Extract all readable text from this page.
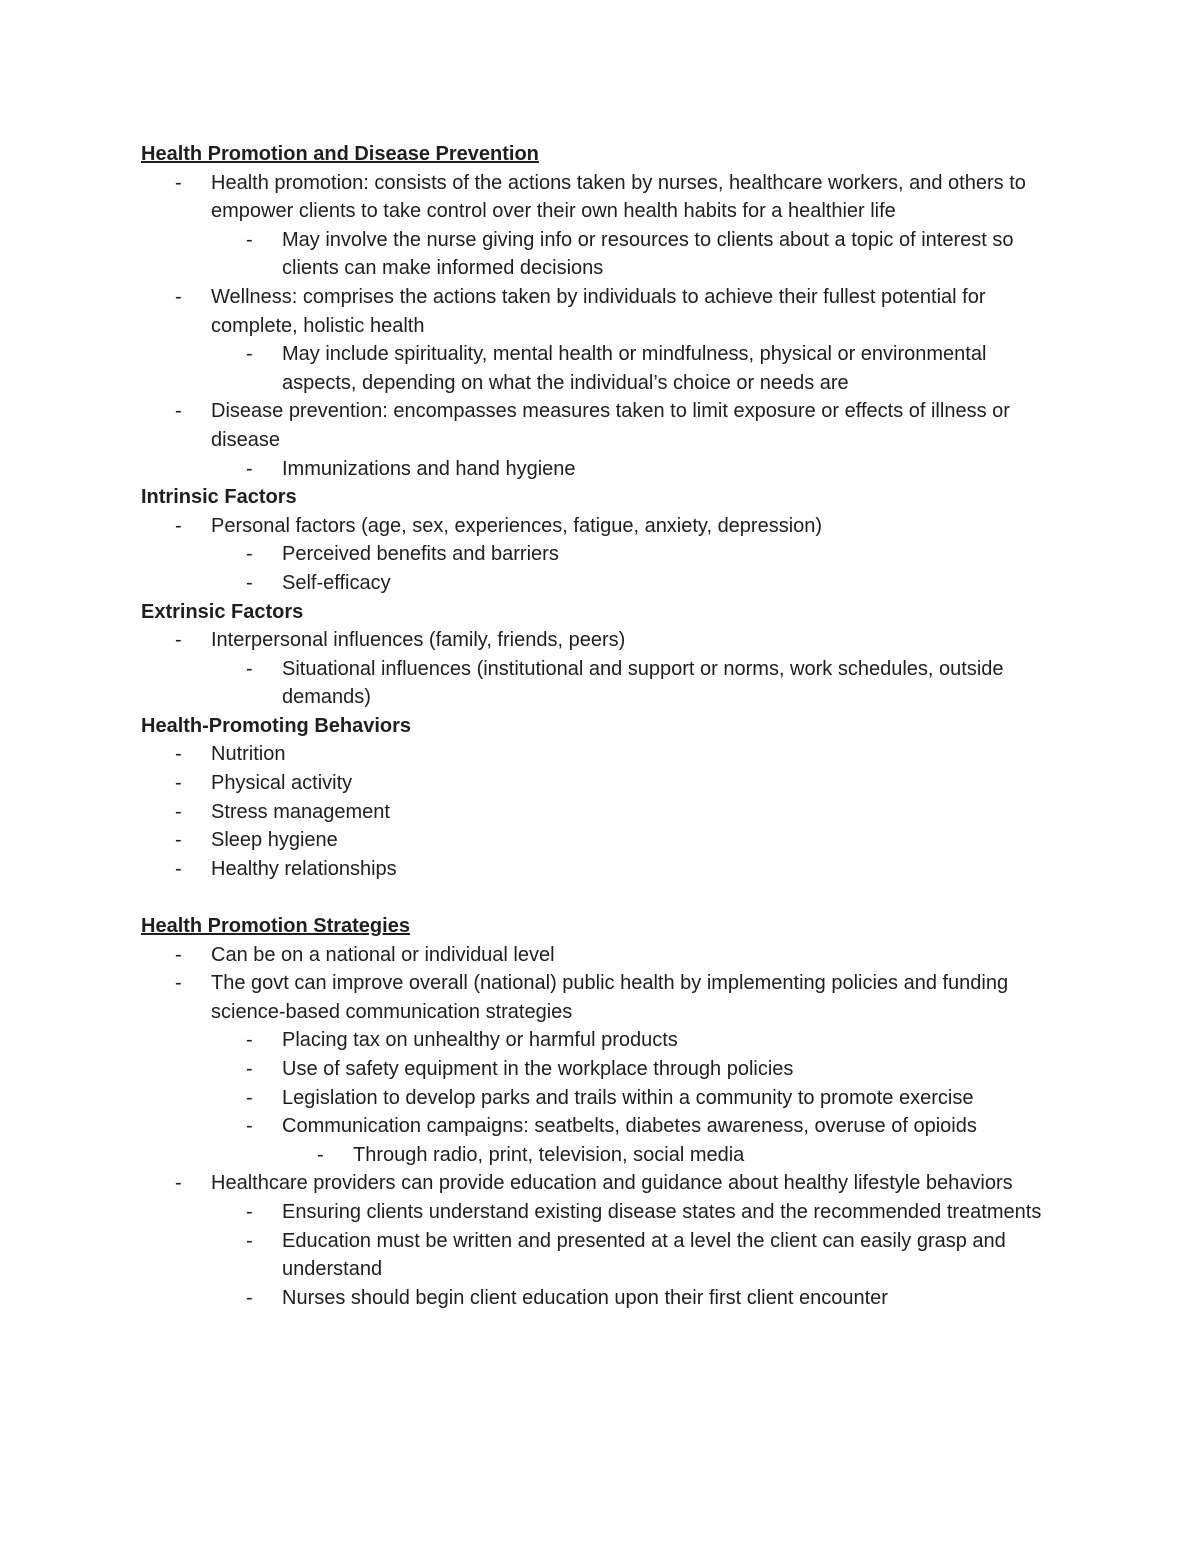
Health Promotion and Disease Prevention
- Health promotion: consists of the actions taken by nurses, healthcare workers, and others to empower clients to take control over their own health habits for a healthier life
- May involve the nurse giving info or resources to clients about a topic of interest so clients can make informed decisions
- Wellness: comprises the actions taken by individuals to achieve their fullest potential for complete, holistic health
- May include spirituality, mental health or mindfulness, physical or environmental aspects, depending on what the individual’s choice or needs are
- Disease prevention: encompasses measures taken to limit exposure or effects of illness or disease
- Immunizations and hand hygiene
Intrinsic Factors
- Personal factors (age, sex, experiences, fatigue, anxiety, depression)
- Perceived benefits and barriers
- Self-efficacy
Extrinsic Factors
- Interpersonal influences (family, friends, peers)
- Situational influences (institutional and support or norms, work schedules, outside demands)
Health-Promoting Behaviors
- Nutrition
- Physical activity
- Stress management
- Sleep hygiene
- Healthy relationships
Health Promotion Strategies
- Can be on a national or individual level
- The govt can improve overall (national) public health by implementing policies and funding science-based communication strategies
- Placing tax on unhealthy or harmful products
- Use of safety equipment in the workplace through policies
- Legislation to develop parks and trails within a community to promote exercise
- Communication campaigns: seatbelts, diabetes awareness, overuse of opioids
- Through radio, print, television, social media
- Healthcare providers can provide education and guidance about healthy lifestyle behaviors
- Ensuring clients understand existing disease states and the recommended treatments
- Education must be written and presented at a level the client can easily grasp and understand
- Nurses should begin client education upon their first client encounter
